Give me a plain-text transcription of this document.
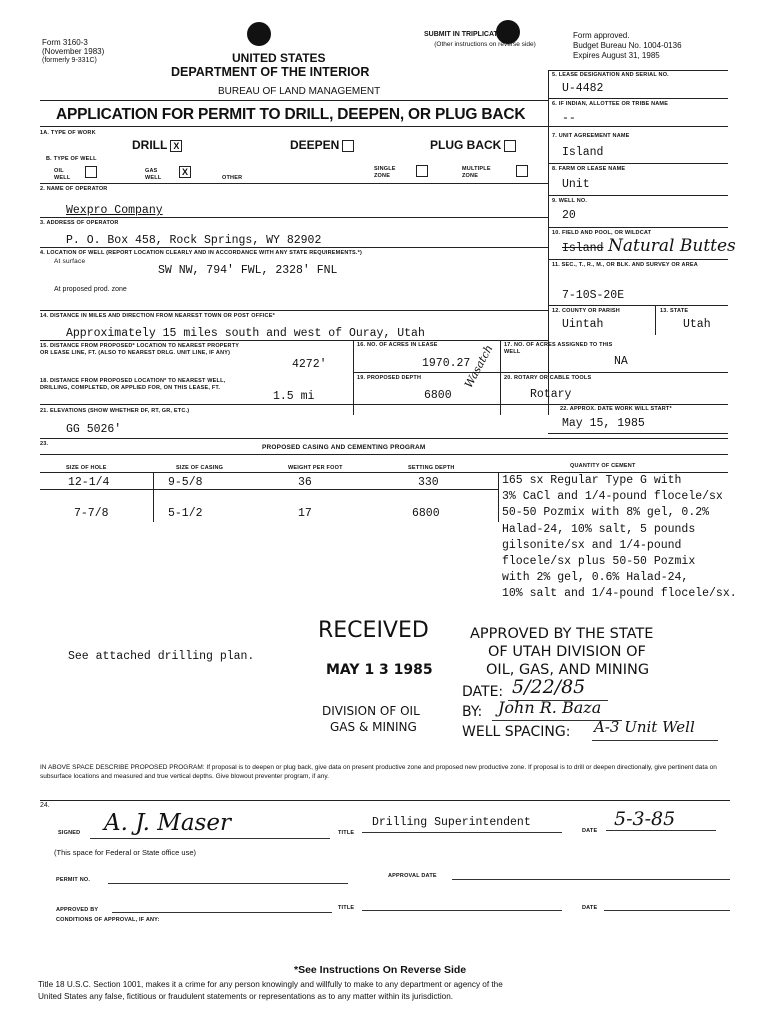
Form 3160-3
(November 1983)
(formerly 9-331C)	UNITED STATES
DEPARTMENT OF THE INTERIOR
BUREAU OF LAND MANAGEMENT
SUBMIT IN TRIPLICATE*
(Other instructions on reverse side)
Form approved.
Budget Bureau No. 1004-0136
Expires August 31, 1985
APPLICATION FOR PERMIT TO DRILL, DEEPEN, OR PLUG BACK
5. LEASE DESIGNATION AND SERIAL NO.
U-4482
6. IF INDIAN, ALLOTTEE OR TRIBE NAME
--
7. UNIT AGREEMENT NAME
Island
8. FARM OR LEASE NAME
Unit
9. WELL NO.
20
10. FIELD AND POOL, OR WILDCAT
Island Natural Buttes
11. SEC., T., R., M., OR BLK. AND SURVEY OR AREA
7-10S-20E
12. COUNTY OR PARISH
Uintah
13. STATE
Utah
1A. TYPE OF WORK
DRILL X	DEEPEN	PLUG BACK
B. TYPE OF WELL
OIL WELL
GAS WELL X	OTHER
SINGLE ZONE
MULTIPLE ZONE
2. NAME OF OPERATOR
Wexpro Company
3. ADDRESS OF OPERATOR
P. O. Box 458, Rock Springs, WY 82902
4. LOCATION OF WELL (REPORT LOCATION CLEARLY AND IN ACCORDANCE WITH ANY STATE REQUIREMENTS.*)
At surface
SW NW, 794' FWL, 2328' FNL
At proposed prod. zone
14. DISTANCE IN MILES AND DIRECTION FROM NEAREST TOWN OR POST OFFICE*
Approximately 15 miles south and west of Ouray, Utah
15. DISTANCE FROM PROPOSED* LOCATION TO NEAREST PROPERTY OR LEASE LINE, FT. (ALSO TO NEAREST DRLG. UNIT LINE, IF ANY)
4272'
16. NO. OF ACRES IN LEASE
1970.27
17. NO. OF ACRES ASSIGNED TO THIS WELL
NA
18. DISTANCE FROM PROPOSED LOCATION* TO NEAREST WELL, DRILLING, COMPLETED, OR APPLIED FOR, ON THIS LEASE, FT.
1.5 mi
19. PROPOSED DEPTH
6800
Wasatch 20. ROTARY OR CABLE TOOLS
Rotary
21. ELEVATIONS (SHOW WHETHER DF, RT, GR, ETC.)
GG 5026'
22. APPROX. DATE WORK WILL START*
May 15, 1985
23.	PROPOSED CASING AND CEMENTING PROGRAM
SIZE OF HOLE	SIZE OF CASING	WEIGHT PER FOOT	SETTING DEPTH	QUANTITY OF CEMENT
12-1/4	9-5/8	36	330
7-7/8	5-1/2	17	6800
165 sx Regular Type G with
3% CaCl and 1/4-pound flocele/sx
50-50 Pozmix with 8% gel, 0.2%
Halad-24, 10% salt, 5 pounds
gilsonite/sx and 1/4-pound
flocele/sx plus 50-50 Pozmix
with 2% gel, 0.6% Halad-24,
10% salt and 1/4-pound flocele/sx.
See attached drilling plan.
RECEIVED
MAY 1 3 1985
DIVISION OF OIL
GAS & MINING
APPROVED BY THE STATE
OF UTAH DIVISION OF
OIL, GAS, AND MINING
DATE: 5/22/85
BY: John R. Baza
WELL SPACING: A-3 Unit Well
IN ABOVE SPACE DESCRIBE PROPOSED PROGRAM: If proposal is to deepen or plug back, give data on present productive zone and proposed new productive zone. If proposal is to drill or deepen directionally, give pertinent data on subsurface locations and measured and true vertical depths. Give blowout preventer program, if any.
24.
SIGNED A. J. Maser	TITLE
Drilling Superintendent
DATE
5-3-85
(This space for Federal or State office use)
PERMIT NO.
APPROVAL DATE
APPROVED BY	TITLE	DATE
CONDITIONS OF APPROVAL, IF ANY:
*See Instructions On Reverse Side
Title 18 U.S.C. Section 1001, makes it a crime for any person knowingly and willfully to make to any department or agency of the
United States any false, fictitious or fraudulent statements or representations as to any matter within its jurisdiction.
